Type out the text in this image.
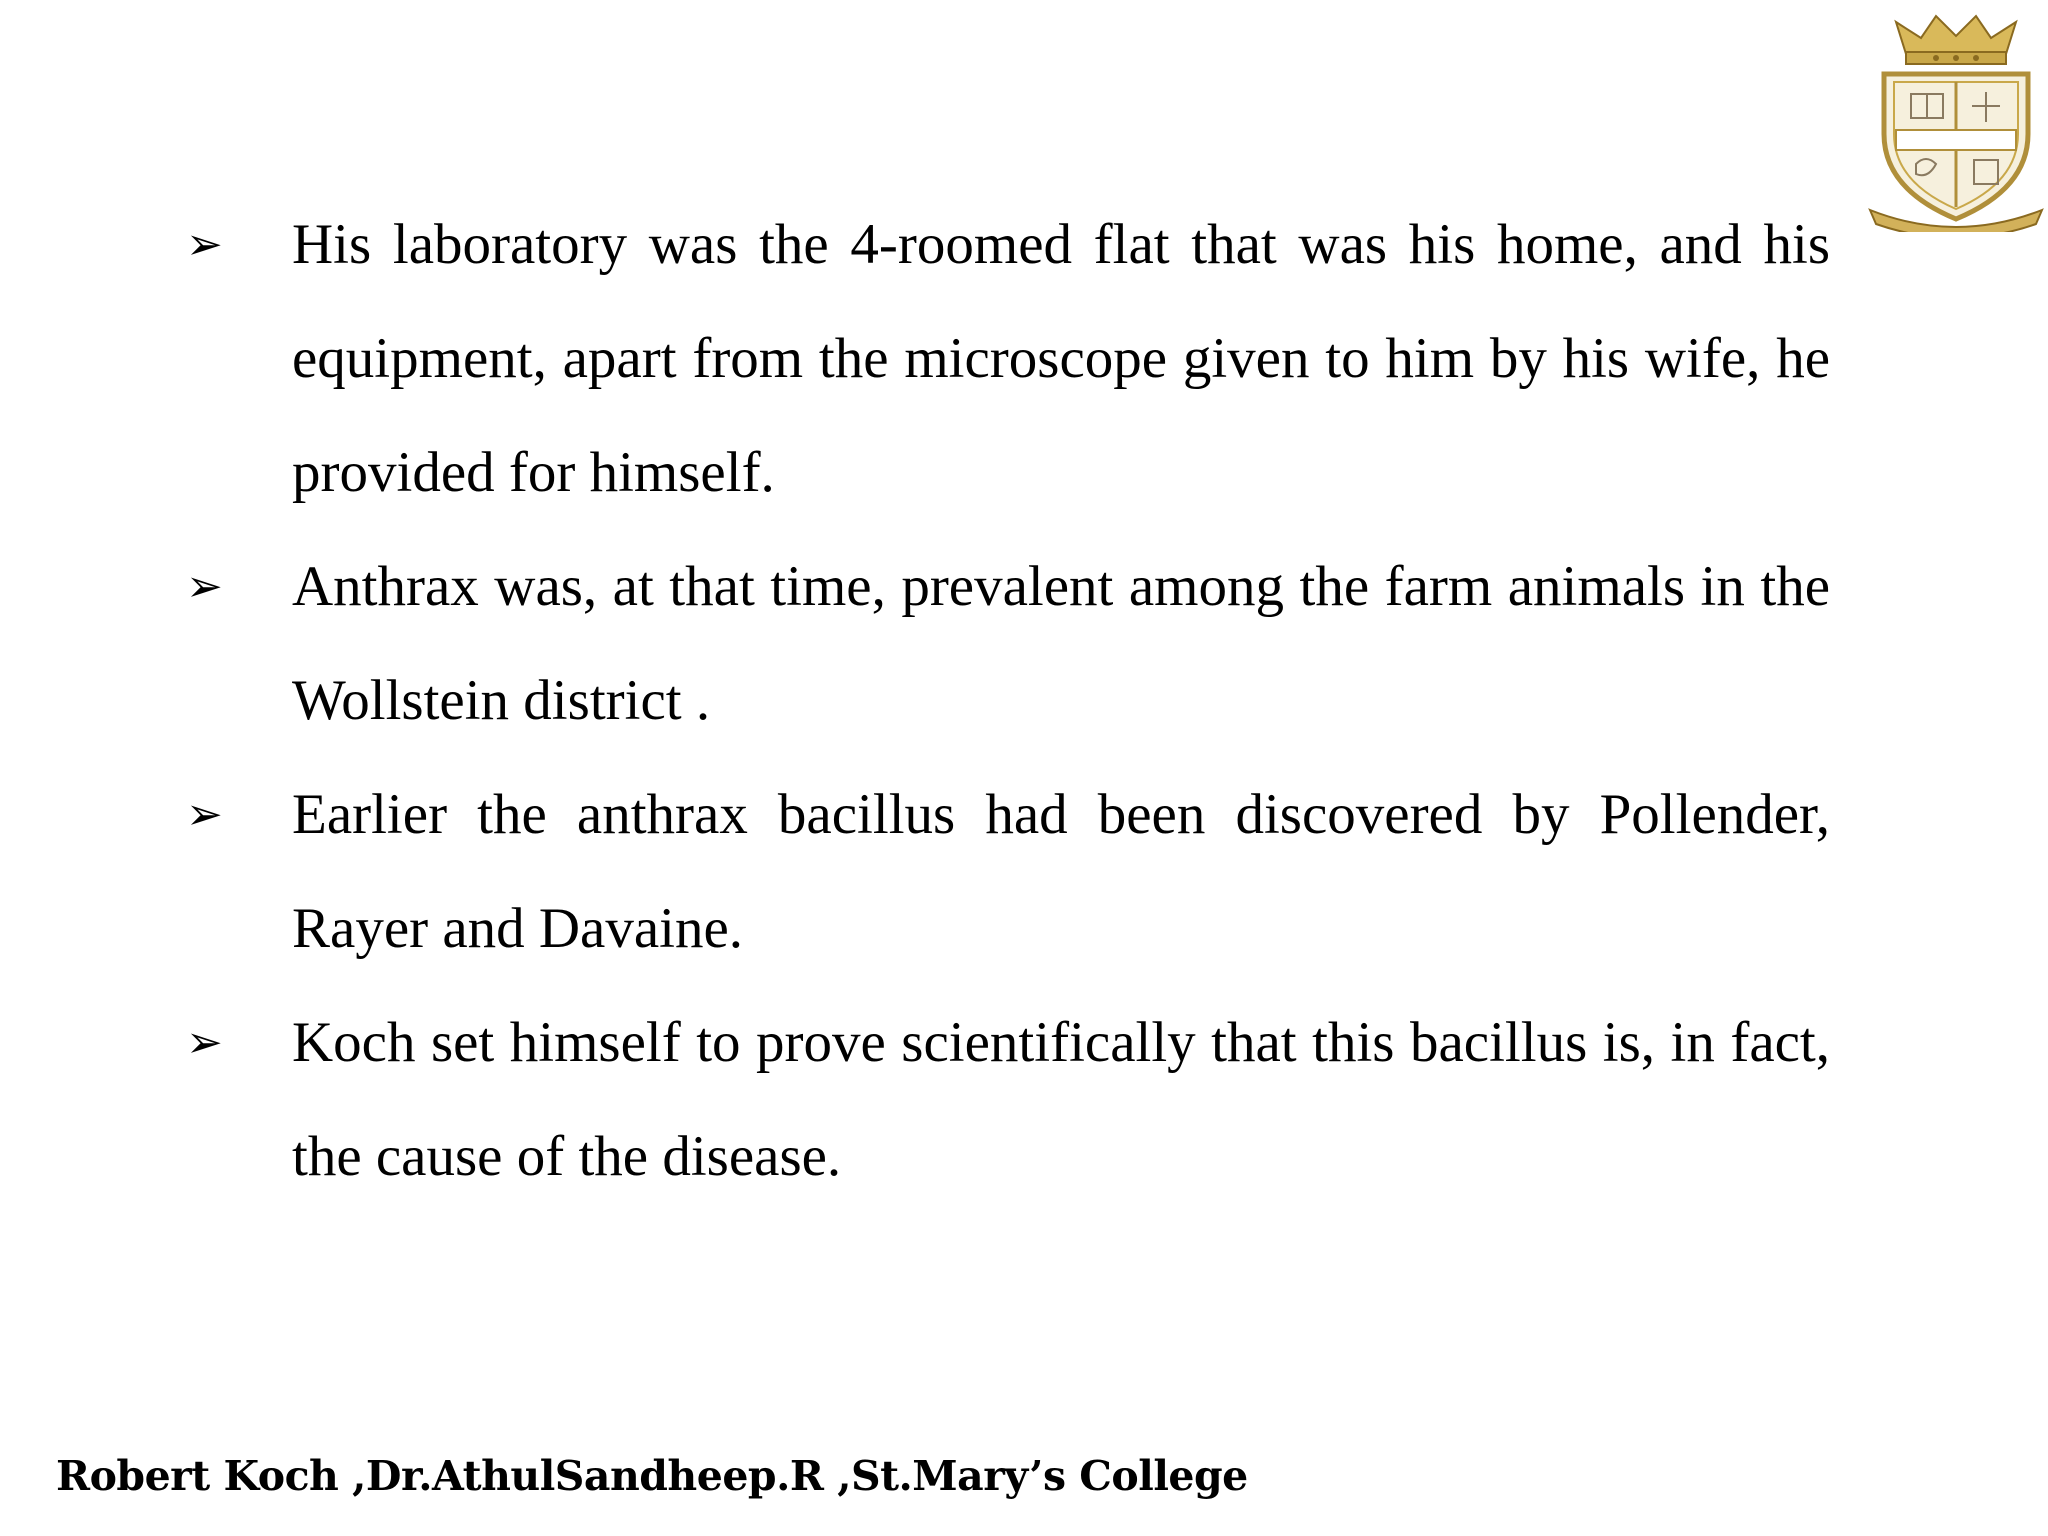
➢ His laboratory was the 4-roomed flat that was his home, and his equipment, apart from the microscope given to him by his wife, he provided for himself.
➢ Anthrax was, at that time, prevalent among the farm animals in the Wollstein district .
➢ Earlier the anthrax bacillus had been discovered by Pollender, Rayer and Davaine.
➢ Koch set himself to prove scientifically that this bacillus is, in fact, the cause of the disease.
Robert Koch ,Dr.AthulSandheep.R ,St.Mary’s College
